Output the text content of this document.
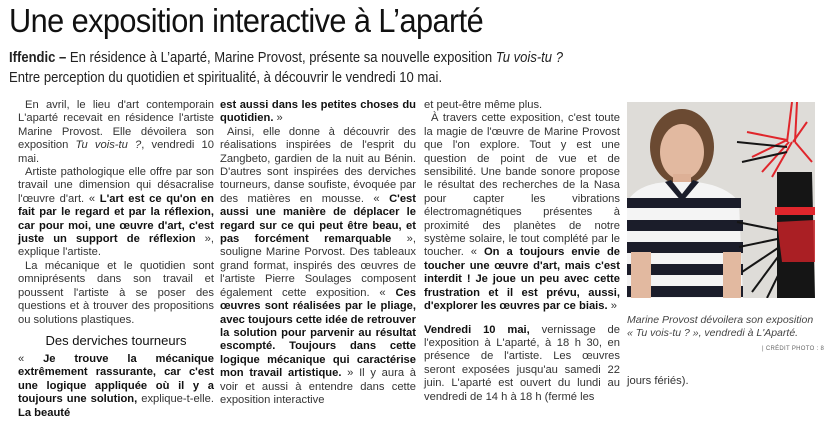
Une exposition interactive à L’aparté
Iffendic – En résidence à L’aparté, Marine Provost, présente sa nouvelle exposition Tu vois-tu ?
Entre perception du quotidien et spiritualité, à découvrir le vendredi 10 mai.

En avril, le lieu d'art contemporain L'aparté recevait en résidence l'artiste Marine Provost. Elle dévoilera son exposition Tu vois-tu ?, vendredi 10 mai.

Artiste pathologique elle offre par son travail une dimension qui désacralise l'œuvre d'art. « L'art est ce qu'on en fait par le regard et par la réflexion, car pour moi, une œuvre d'art, c'est juste un support de réflexion », explique l'artiste.

La mécanique et le quotidien sont omniprésents dans son travail et poussent l'artiste à se poser des questions et à trouver des propositions ou solutions plastiques.

Des derviches tourneurs

« Je trouve la mécanique extrêmement rassurante, car c'est une logique appliquée où il y a toujours une solution, explique-t-elle. La beauté

est aussi dans les petites choses du quotidien. »

Ainsi, elle donne à découvrir des réalisations inspirées de l'esprit du Zangbeto, gardien de la nuit au Bénin. D'autres sont inspirées des derviches tourneurs, danse soufiste, évoquée par des matières en mousse. « C'est aussi une manière de déplacer le regard sur ce qui peut être beau, et pas forcément remarquable », souligne Marine Porvost. Des tableaux grand format, inspirés des œuvres de l'artiste Pierre Soulages composent également cette exposition. « Ces œuvres sont réalisées par le pliage, avec toujours cette idée de retrouver la solution pour parvenir au résultat escompté. Toujours dans cette logique mécanique qui caractérise mon travail artistique. » Il y aura à voir et aussi à entendre dans cette exposition interactive

et peut-être même plus.

À travers cette exposition, c'est toute la magie de l'œuvre de Marine Provost que l'on explore. Tout y est une question de point de vue et de sensibilité. Une bande sonore propose le résultat des recherches de la Nasa pour capter les vibrations électromagnétiques présentes à proximité des planètes de notre système solaire, le tout complété par le toucher. « On a toujours envie de toucher une œuvre d'art, mais c'est interdit ! Je joue un peu avec cette frustration et il est prévu, aussi, d'explorer les œuvres par ce biais. »

Vendredi 10 mai, vernissage de l'exposition à L'aparté, à 18 h 30, en présence de l'artiste. Les œuvres seront exposées jusqu'au samedi 22 juin. L'aparté est ouvert du lundi au vendredi de 14 h à 18 h (fermé les

Marine Provost dévoilera son exposition « Tu vois-tu ? », vendredi à L'Aparté.
| CRÉDIT PHOTO : 8
jours fériés).
